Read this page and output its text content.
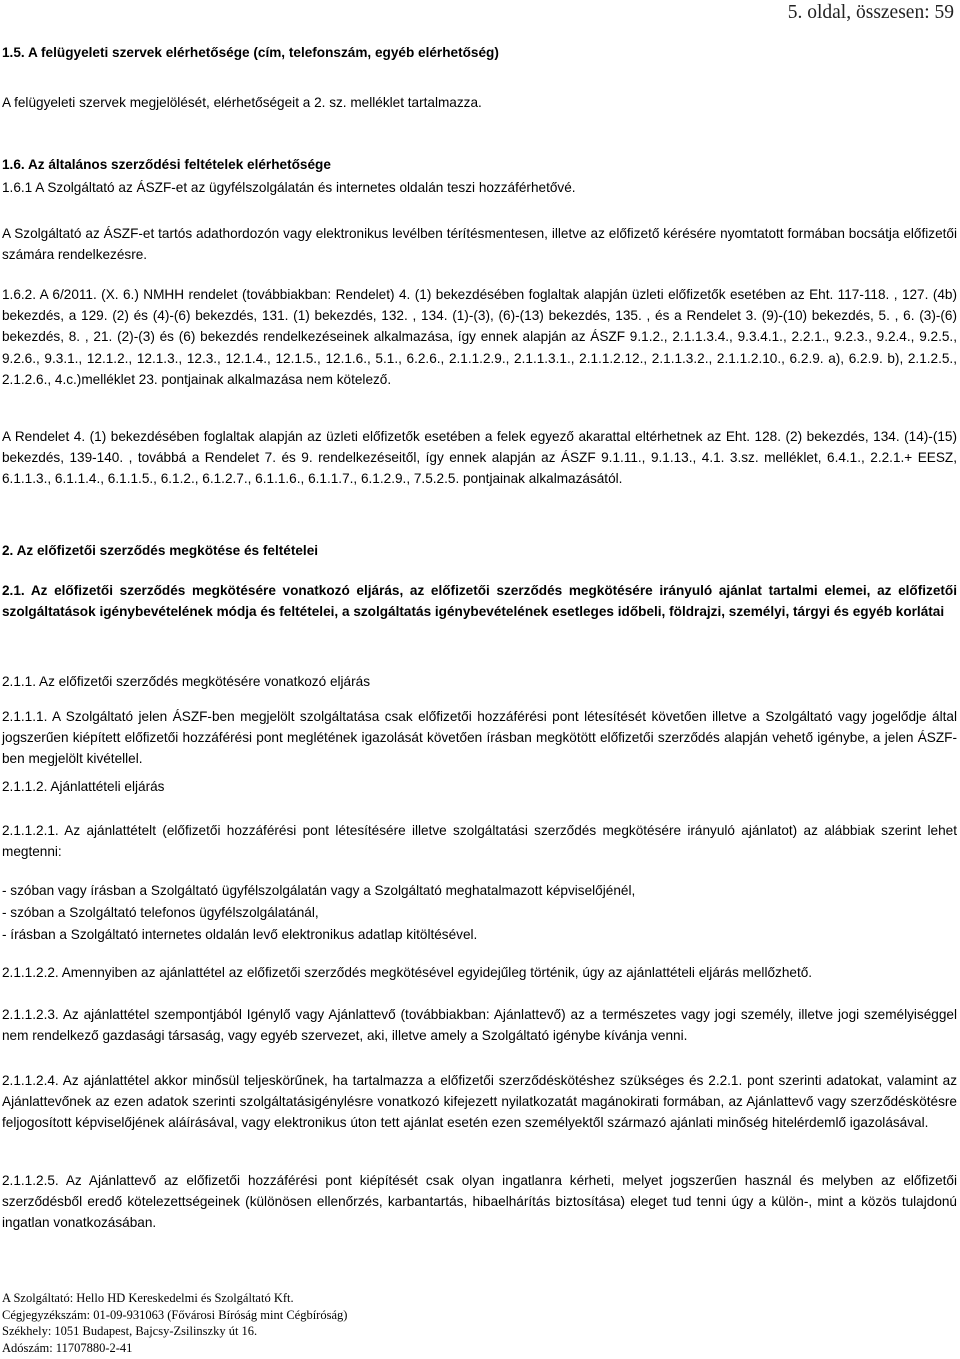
5. oldal, összesen: 59

1.5. A felügyeleti szervek elérhetősége (cím, telefonszám, egyéb elérhetőség)

A felügyeleti szervek megjelölését, elérhetőségeit a 2. sz. melléklet tartalmazza.

1.6. Az általános szerződési feltételek elérhetősége

1.6.1 A Szolgáltató az ÁSZF-et az ügyfélszolgálatán és internetes oldalán teszi hozzáférhetővé.

A Szolgáltató az ÁSZF-et tartós adathordozón vagy elektronikus levélben térítésmentesen, illetve az előfizető kérésére nyomtatott formában bocsátja előfizetői számára rendelkezésre.

1.6.2. A 6/2011. (X. 6.) NMHH rendelet (továbbiakban: Rendelet) 4. (1) bekezdésében foglaltak alapján üzleti előfizetők esetében az Eht. 117-118. , 127. (4b) bekezdés, a 129. (2) és (4)-(6) bekezdés, 131. (1) bekezdés, 132. , 134. (1)-(3), (6)-(13) bekezdés, 135. , és a Rendelet 3. (9)-(10) bekezdés, 5. , 6. (3)-(6) bekezdés, 8. , 21. (2)-(3) és (6) bekezdés rendelkezéseinek alkalmazása, így ennek alapján az ÁSZF 9.1.2., 2.1.1.3.4., 9.3.4.1., 2.2.1., 9.2.3., 9.2.4., 9.2.5., 9.2.6., 9.3.1., 12.1.2., 12.1.3., 12.3., 12.1.4., 12.1.5., 12.1.6., 5.1., 6.2.6., 2.1.1.2.9., 2.1.1.3.1., 2.1.1.2.12., 2.1.1.3.2., 2.1.1.2.10., 6.2.9. a), 6.2.9. b), 2.1.2.5., 2.1.2.6., 4.c.)melléklet 23. pontjainak alkalmazása nem kötelező.

A Rendelet 4. (1) bekezdésében foglaltak alapján az üzleti előfizetők esetében a felek egyező akarattal eltérhetnek az Eht. 128. (2) bekezdés, 134. (14)-(15) bekezdés, 139-140. , továbbá a Rendelet 7. és 9. rendelkezéseitől, így ennek alapján az ÁSZF 9.1.11., 9.1.13., 4.1. 3.sz. melléklet, 6.4.1., 2.2.1.+ EESZ, 6.1.1.3., 6.1.1.4., 6.1.1.5., 6.1.2., 6.1.2.7., 6.1.1.6., 6.1.1.7., 6.1.2.9., 7.5.2.5. pontjainak alkalmazásától.

2. Az előfizetői szerződés megkötése és feltételei

2.1. Az előfizetői szerződés megkötésére vonatkozó eljárás, az előfizetői szerződés megkötésére irányuló ajánlat tartalmi elemei, az előfizetői szolgáltatások igénybevételének módja és feltételei, a szolgáltatás igénybevételének esetleges időbeli, földrajzi, személyi, tárgyi és egyéb korlátai

2.1.1. Az előfizetői szerződés megkötésére vonatkozó eljárás

2.1.1.1. A Szolgáltató jelen ÁSZF-ben megjelölt szolgáltatása csak előfizetői hozzáférési pont létesítését követően illetve a Szolgáltató vagy jogelődje által jogszerűen kiépített előfizetői hozzáférési pont meglétének igazolását követően írásban megkötött előfizetői szerződés alapján vehető igénybe, a jelen ÁSZF-ben megjelölt kivétellel.

2.1.1.2. Ajánlattételi eljárás

2.1.1.2.1. Az ajánlattételt (előfizetői hozzáférési pont létesítésére illetve szolgáltatási szerződés megkötésére irányuló ajánlatot) az alábbiak szerint lehet megtenni:

- szóban vagy írásban a Szolgáltató ügyfélszolgálatán vagy a Szolgáltató meghatalmazott képviselőjénél,

- szóban a Szolgáltató telefonos ügyfélszolgálatánál,

- írásban a Szolgáltató internetes oldalán levő elektronikus adatlap kitöltésével.

2.1.1.2.2. Amennyiben az ajánlattétel az előfizetői szerződés megkötésével egyidejűleg történik, úgy az ajánlattételi eljárás mellőzhető.

2.1.1.2.3. Az ajánlattétel szempontjából Igénylő vagy Ajánlattevő (továbbiakban: Ajánlattevő) az a természetes vagy jogi személy, illetve jogi személyiséggel nem rendelkező gazdasági társaság, vagy egyéb szervezet, aki, illetve amely a Szolgáltató igénybe kívánja venni.

2.1.1.2.4. Az ajánlattétel akkor minősül teljeskörűnek, ha tartalmazza a előfizetői szerződéskötéshez szükséges és 2.2.1. pont szerinti adatokat, valamint az Ajánlattevőnek az ezen adatok szerinti szolgáltatásigénylésre vonatkozó kifejezett nyilatkozatát magánokirati formában, az Ajánlattevő vagy szerződéskötésre feljogosított képviselőjének aláírásával, vagy elektronikus úton tett ajánlat esetén ezen személyektől származó ajánlati minőség hitelérdemlő igazolásával.

2.1.1.2.5. Az Ajánlattevő az előfizetői hozzáférési pont kiépítését csak olyan ingatlanra kérheti, melyet jogszerűen használ és melyben az előfizetői szerződésből eredő kötelezettségeinek (különösen ellenőrzés, karbantartás, hibaelhárítás biztosítása) eleget tud tenni úgy a külön-, mint a közös tulajdonú ingatlan vonatkozásában.

A Szolgáltató: Hello HD Kereskedelmi és Szolgáltató Kft.
Cégjegyzékszám: 01-09-931063 (Fővárosi Bíróság mint Cégbíróság)
Székhely: 1051 Budapest, Bajcsy-Zsilinszky út 16.
Adószám: 11707880-2-41
